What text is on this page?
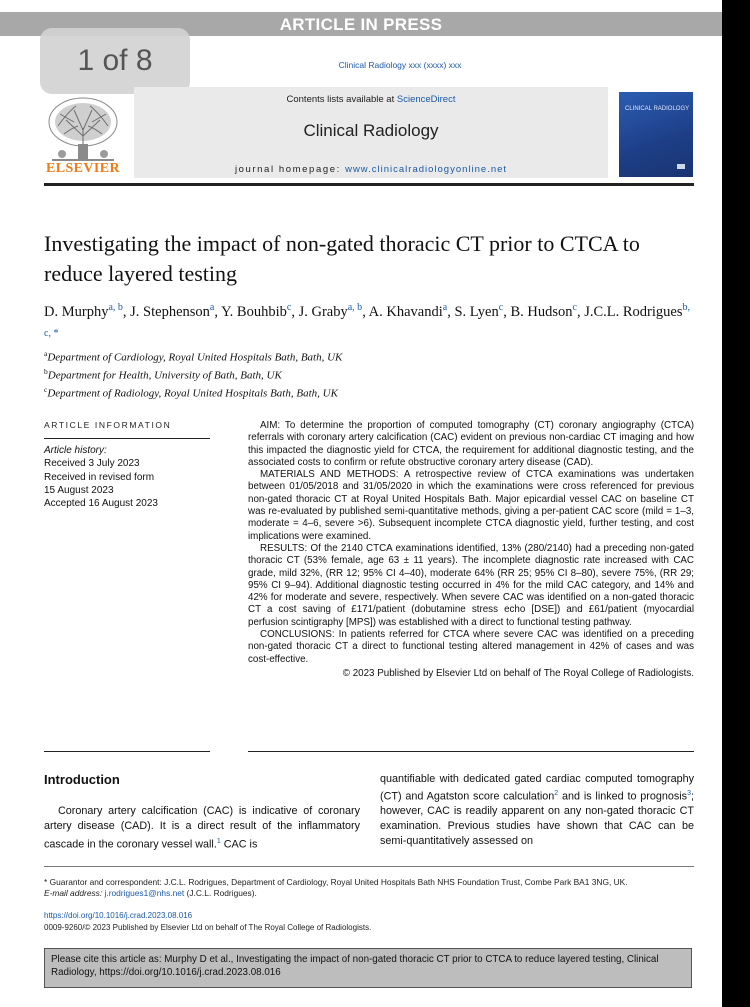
ARTICLE IN PRESS
1 of 8	Clinical Radiology xxx (xxxx) xxx
ELSEVIER
Contents lists available at ScienceDirect
Clinical Radiology
journal homepage: www.clinicalradiologyonline.net
CLINICAL RADIOLOGY
Investigating the impact of non-gated thoracic CT prior to CTCA to reduce layered testing
D. Murphy$^{a, b}$, J. Stephenson$^a$, Y. Bouhbib$^c$, J. Graby$^{a, b}$, A. Khavandi$^a$, S. Lyen$^c$, B. Hudson$^c$, J.C.L. Rodrigues$^{b, c, *}$
$^a$Department of Cardiology, Royal United Hospitals Bath, Bath, UK
$^b$Department for Health, University of Bath, Bath, UK
$^c$Department of Radiology, Royal United Hospitals Bath, Bath, UK
ARTICLE INFORMATION
Article history:
Received 3 July 2023
Received in revised form
15 August 2023
Accepted 16 August 2023

AIM: To determine the proportion of computed tomography (CT) coronary angiography (CTCA) referrals with coronary artery calcification (CAC) evident on previous non-cardiac CT imaging and how this impacted the diagnostic yield for CTCA, the requirement for additional diagnostic testing, and the associated costs to confirm or refute obstructive coronary artery disease (CAD).

MATERIALS AND METHODS: A retrospective review of CTCA examinations was undertaken between 01/05/2018 and 31/05/2020 in which the examinations were cross referenced for previous non-gated thoracic CT at Royal United Hospitals Bath. Major epicardial vessel CAC on baseline CT was re-evaluated by published semi-quantitative methods, giving a per-patient CAC score (mild = 1–3, moderate = 4–6, severe >6). Subsequent incomplete CTCA diagnostic yield, further testing, and cost implications were examined.

RESULTS: Of the 2140 CTCA examinations identified, 13% (280/2140) had a preceding non-gated thoracic CT (53% female, age 63 ± 11 years). The incomplete diagnostic rate increased with CAC grade, mild 32%, (RR 12; 95% CI 4–40), moderate 64% (RR 25; 95% CI 8–80), severe 75%, (RR 29; 95% CI 9–94). Additional diagnostic testing occurred in 4% for the mild CAC category, and 14% and 42% for moderate and severe, respectively. When severe CAC was identified on a non-gated thoracic CT a cost saving of £171/patient (dobutamine stress echo [DSE]) and £61/patient (myocardial perfusion scintigraphy [MPS]) was established with a direct to functional testing pathway.

CONCLUSIONS: In patients referred for CTCA where severe CAC was identified on a preceding non-gated thoracic CT a direct to functional testing altered management in 42% of cases and was cost-effective.

© 2023 Published by Elsevier Ltd on behalf of The Royal College of Radiologists.

Introduction

Coronary artery calcification (CAC) is indicative of coronary artery disease (CAD). It is a direct result of the inflammatory cascade in the coronary vessel wall.$^1$ CAC is

quantifiable with dedicated gated cardiac computed tomography (CT) and Agatston score calculation$^2$ and is linked to prognosis$^3$; however, CAC is readily apparent on any non-gated thoracic CT examination. Previous studies have shown that CAC can be semi-quantitatively assessed on

* Guarantor and correspondent: J.C.L. Rodrigues, Department of Cardiology, Royal United Hospitals Bath NHS Foundation Trust, Combe Park BA1 3NG, UK.
E-mail address: j.rodrigues1@nhs.net (J.C.L. Rodrigues).
https://doi.org/10.1016/j.crad.2023.08.016
0009-9260/© 2023 Published by Elsevier Ltd on behalf of The Royal College of Radiologists.
Please cite this article as: Murphy D et al., Investigating the impact of non-gated thoracic CT prior to CTCA to reduce layered testing, Clinical Radiology, https://doi.org/10.1016/j.crad.2023.08.016
